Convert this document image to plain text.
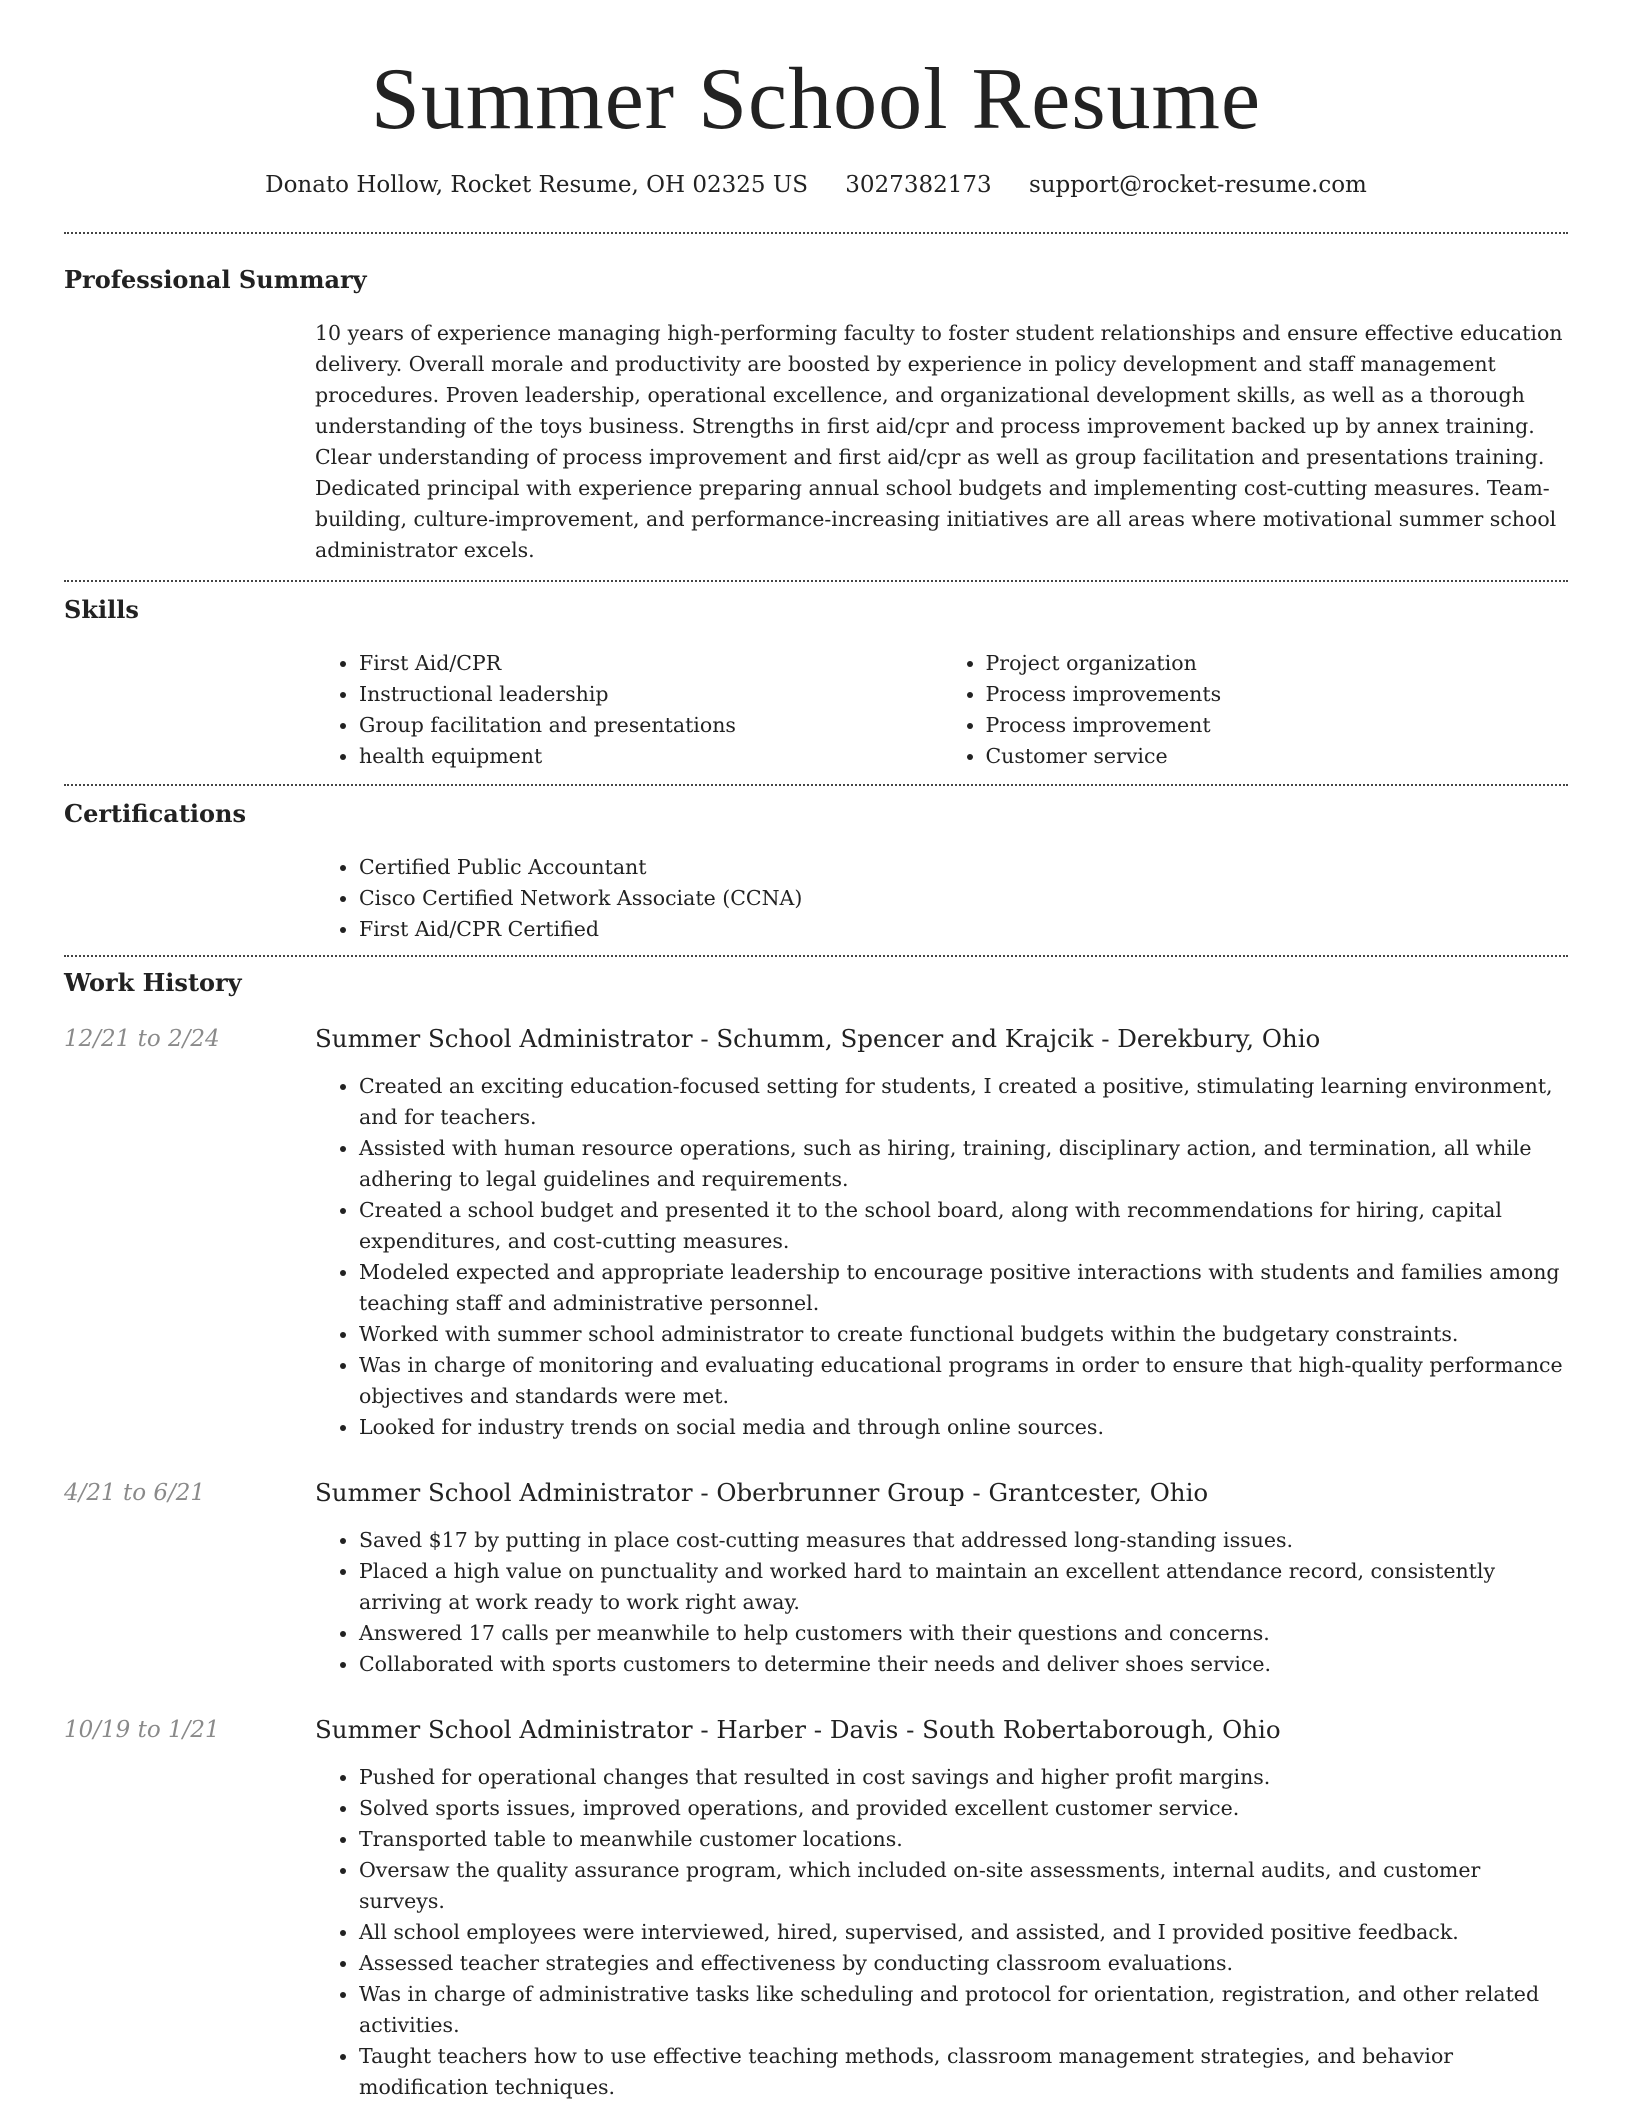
Summer School Resume
Donato Hollow, Rocket Resume, OH 02325 US 3027382173 support@rocket-resume.com
Professional Summary
10 years of experience managing high-performing faculty to foster student relationships and ensure effective education delivery. Overall morale and productivity are boosted by experience in policy development and staff management procedures. Proven leadership, operational excellence, and organizational development skills, as well as a thorough understanding of the toys business. Strengths in first aid/cpr and process improvement backed up by annex training. Clear understanding of process improvement and first aid/cpr as well as group facilitation and presentations training. Dedicated principal with experience preparing annual school budgets and implementing cost-cutting measures. Team-building, culture-improvement, and performance-increasing initiatives are all areas where motivational summer school administrator excels.
Skills
• First Aid/CPR
• Instructional leadership
• Group facilitation and presentations
• health equipment
• Project organization
• Process improvements
• Process improvement
• Customer service
Certifications
• Certified Public Accountant
• Cisco Certified Network Associate (CCNA)
• First Aid/CPR Certified
Work History
12/21 to 2/24	Summer School Administrator - Schumm, Spencer and Krajcik - Derekbury, Ohio
• Created an exciting education-focused setting for students, I created a positive, stimulating learning environment, and for teachers.
• Assisted with human resource operations, such as hiring, training, disciplinary action, and termination, all while adhering to legal guidelines and requirements.
• Created a school budget and presented it to the school board, along with recommendations for hiring, capital expenditures, and cost-cutting measures.
• Modeled expected and appropriate leadership to encourage positive interactions with students and families among teaching staff and administrative personnel.
• Worked with summer school administrator to create functional budgets within the budgetary constraints.
• Was in charge of monitoring and evaluating educational programs in order to ensure that high-quality performance objectives and standards were met.
• Looked for industry trends on social media and through online sources.
4/21 to 6/21	Summer School Administrator - Oberbrunner Group - Grantcester, Ohio
• Saved $17 by putting in place cost-cutting measures that addressed long-standing issues.
• Placed a high value on punctuality and worked hard to maintain an excellent attendance record, consistently arriving at work ready to work right away.
• Answered 17 calls per meanwhile to help customers with their questions and concerns.
• Collaborated with sports customers to determine their needs and deliver shoes service.
10/19 to 1/21	Summer School Administrator - Harber - Davis - South Robertaborough, Ohio
• Pushed for operational changes that resulted in cost savings and higher profit margins.
• Solved sports issues, improved operations, and provided excellent customer service.
• Transported table to meanwhile customer locations.
• Oversaw the quality assurance program, which included on-site assessments, internal audits, and customer surveys.
• All school employees were interviewed, hired, supervised, and assisted, and I provided positive feedback.
• Assessed teacher strategies and effectiveness by conducting classroom evaluations.
• Was in charge of administrative tasks like scheduling and protocol for orientation, registration, and other related activities.
• Taught teachers how to use effective teaching methods, classroom management strategies, and behavior modification techniques.
